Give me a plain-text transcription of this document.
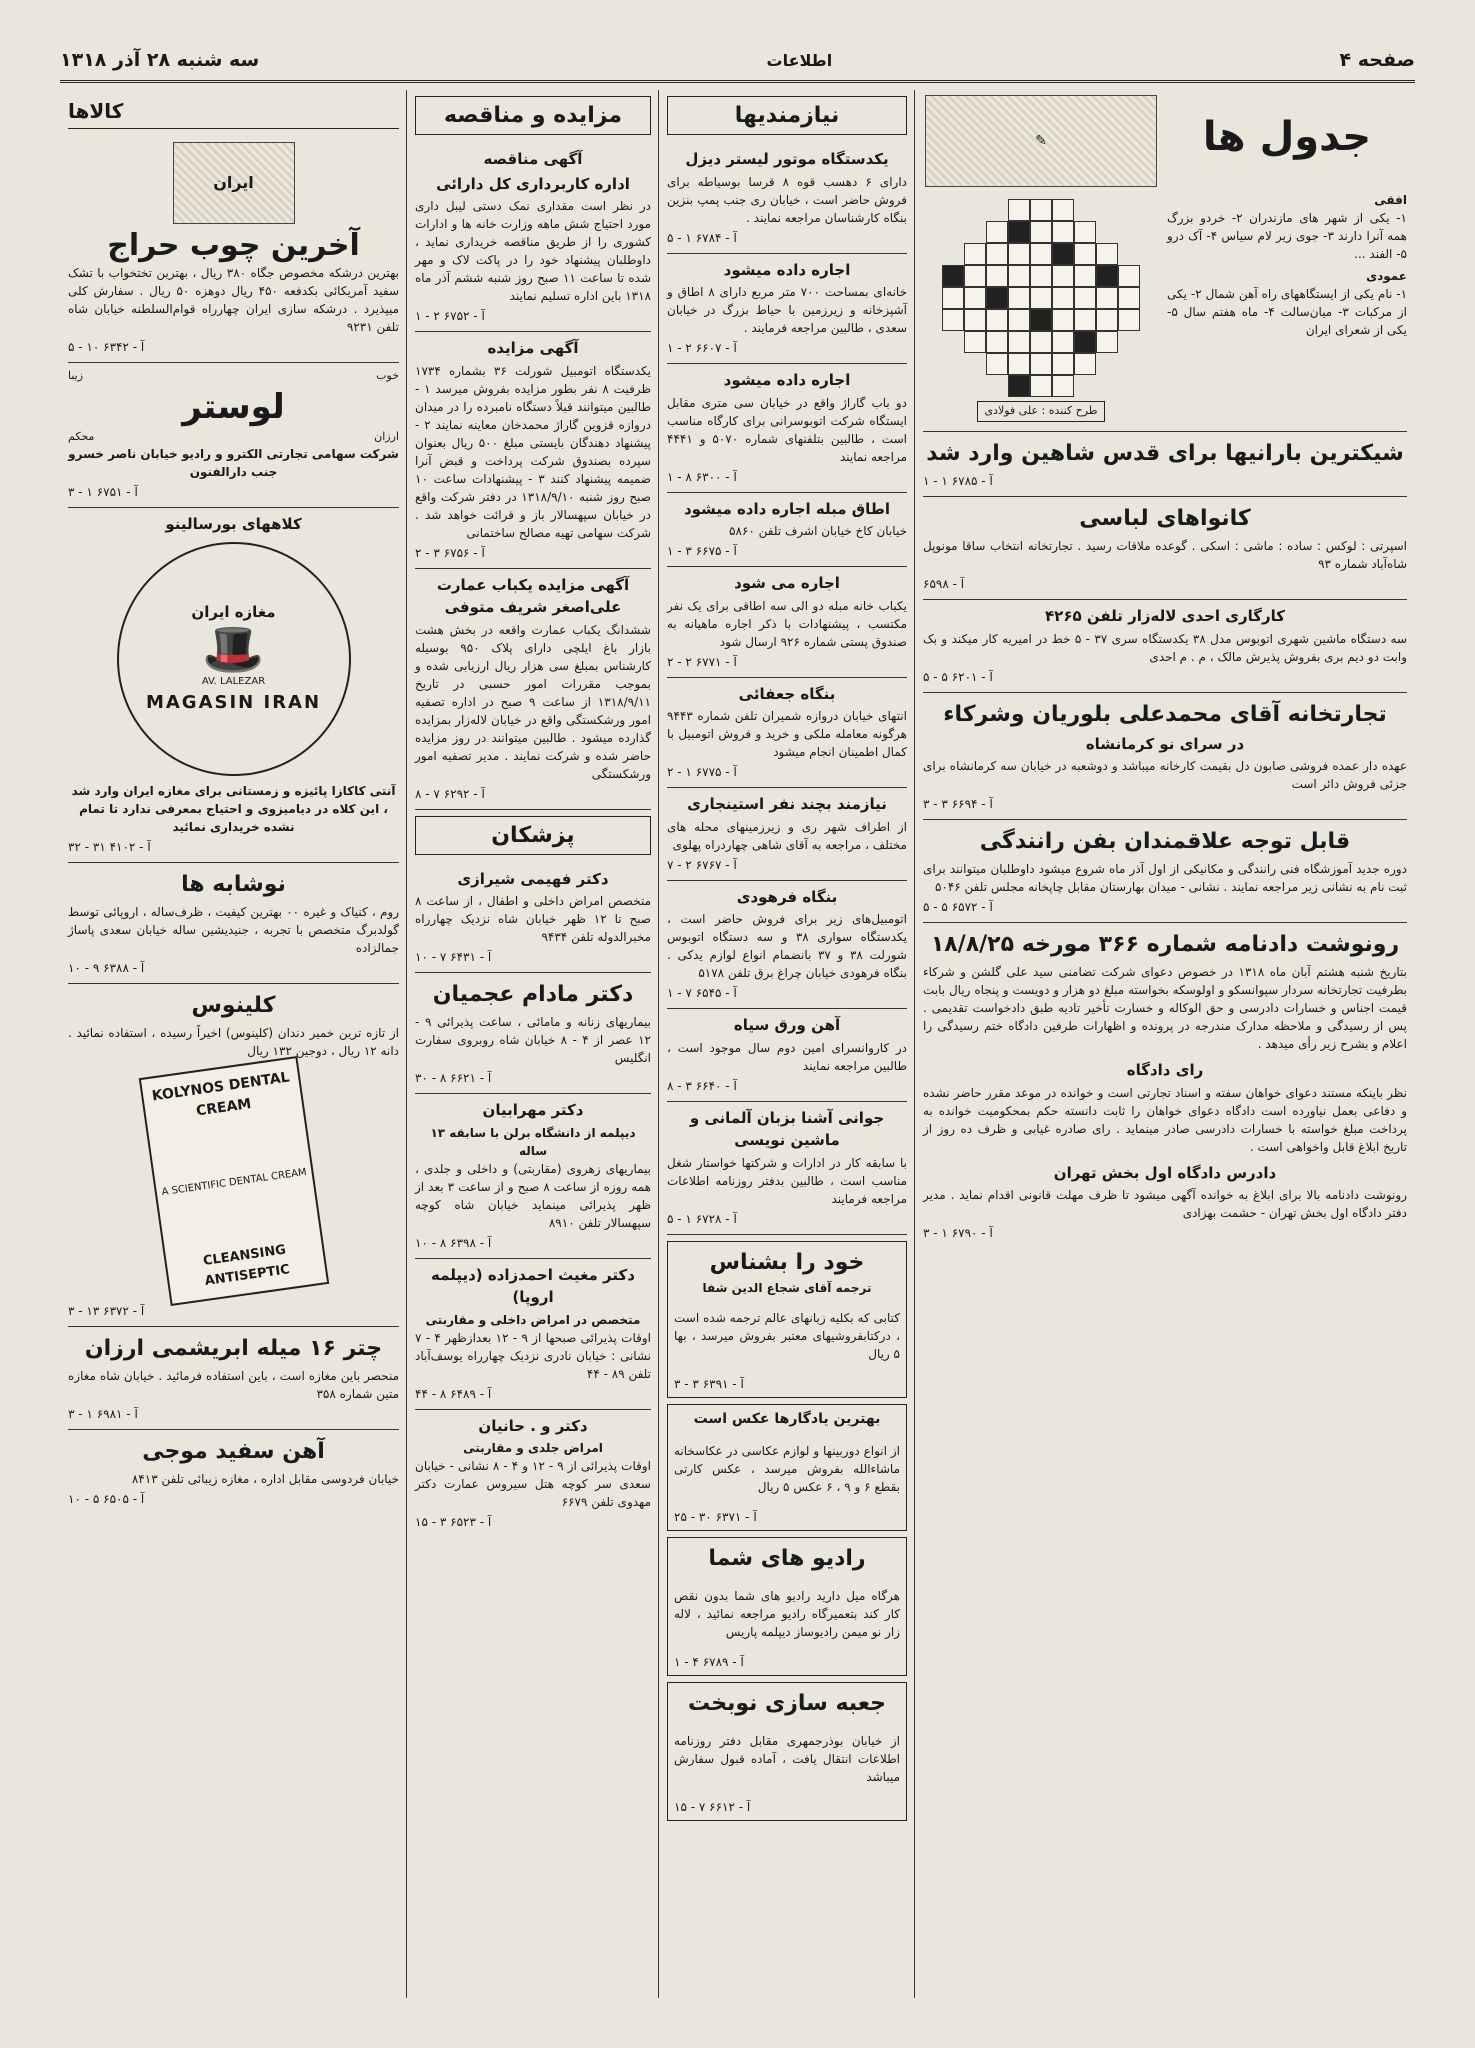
صفحه ۴
اطلاعات
سه شنبه ۲۸ آذر ۱۳۱۸
جدول ها
افقی

۱- یکی از شهر های مازندران ۲- خردو بزرگ همه آنرا دارند ۳- جوی زیر لام سیاس ۴- آک درو ۵- الفند ...

عمودی

۱- نام یکی از ایستگاههای راه آهن شمال ۲- یکی از مرکبات ۳- میان‌سالت ۴- ماه هفتم سال ۵- یکی از شعرای ایران

✎
طرح کننده : علی فولادی
شیکترین بارانیها برای قدس شاهین وارد شد
آ - ۶۷۸۵ ۱ - ۱
کانواهای لباسی

اسپرتی : لوکس : ساده : ماشی : اسکی . گوعده ملاقات رسید . تجارتخانه انتخاب ساقا مونوپل شاه‌آباد شماره ۹۳

آ - ۶۵۹۸
کارگاری احدی لاله‌زار تلفن ۴۲۶۵

سه دستگاه ماشین شهری اتوبوس مدل ۳۸ یکدستگاه سری ۳۷ - ۵ خط در امیریه کار میکند و بک وابت دو دیم بری بفروش پذیرش مالک ، م . م احدی

آ - ۶۲۰۱ ۵ - ۵
تجارتخانه آقای محمدعلی بلوریان وشرکاء
در سرای نو کرمانشاه

عهده دار عمده فروشی صابون دل بقیمت کارخانه میباشد و دوشعبه در خیابان سه کرمانشاه برای جزئی فروش دائر است

آ - ۶۶۹۴ ۳ - ۳
قابل توجه علاقمندان بفن رانندگی

دوره جدید آموزشگاه فنی رانندگی و مکانیکی از اول آذر ماه شروع میشود داوطلبان میتوانند برای ثبت نام به نشانی زیر مراجعه نمایند . نشانی - میدان بهارستان مقابل چاپخانه مجلس تلفن ۵۰۴۶

آ - ۶۵۷۲ ۵ - ۵
رونوشت دادنامه شماره ۳۶۶ مورخه ۱۸/۸/۲۵

بتاریخ شنبه هشتم آبان ماه ۱۳۱۸ در خصوص دعوای شرکت تضامنی سید علی گلشن و شرکاء بطرفیت تجارتخانه سردار سپوانسکو و اولوسکه بخواسته مبلغ دو هزار و دویست و پنجاه ریال بابت قیمت اجناس و خسارات دادرسی و حق الوکاله و خسارت تأخیر تادیه طبق دادخواست تقدیمی . پس از رسیدگی و ملاحظه مدارک مندرجه در پرونده و اظهارات طرفین دادگاه ختم رسیدگی را اعلام و بشرح زیر رأی میدهد .

رای دادگاه

نظر باینکه مستند دعوای خواهان سفته و اسناد تجارتی است و خوانده در موعد مقرر حاضر نشده و دفاعی بعمل نیاورده است دادگاه دعوای خواهان را ثابت دانسته حکم بمحکومیت خوانده به پرداخت مبلغ خواسته با خسارات دادرسی صادر مینماید . رای صادره غیابی و ظرف ده روز از تاریخ ابلاغ قابل واخواهی است .

دادرس دادگاه اول بخش تهران

رونوشت دادنامه بالا برای ابلاغ به خوانده آگهی میشود تا ظرف مهلت قانونی اقدام نماید . مدیر دفتر دادگاه اول بخش تهران - حشمت بهزادی

آ - ۶۷۹۰ ۱ - ۳
نیازمندیها
یکدستگاه موتور لیستر دیزل

دارای ۶ دهسب قوه ۸ قرسا بوسیاطه برای فروش حاضر است ، خیابان ری جنب پمپ بنزین بنگاه کارشناسان مراجعه نمایند .

آ - ۶۷۸۴ ۱ - ۵
اجاره داده میشود

خانه‌ای بمساحت ۷۰۰ متر مربع دارای ۸ اطاق و آشپزخانه و زیرزمین با حیاط بزرگ در خیابان سعدی ، طالبین مراجعه فرمایند .

آ - ۶۶۰۷ ۲ - ۱
اجاره داده میشود

دو باب گاراژ واقع در خیابان سی متری مقابل ایستگاه شرکت اتوبوسرانی برای کارگاه مناسب است ، طالبین بتلفنهای شماره ۵۰۷۰ و ۴۴۴۱ مراجعه نمایند

آ - ۶۳۰۰ ۸ - ۱
اطاق مبله اجاره داده میشود

خیابان کاخ خیابان اشرف تلفن ۵۸۶۰

آ - ۶۶۷۵ ۳ - ۱
اجاره می شود

یکباب خانه مبله دو الی سه اطاقی برای یک نفر مکتسب ، پیشنهادات با ذکر اجاره ماهیانه به صندوق پستی شماره ۹۲۶ ارسال شود

آ - ۶۷۷۱ ۲ - ۲
بنگاه جعفائی

انتهای خیابان دروازه شمیران تلفن شماره ۹۴۴۳ هرگونه معامله ملکی و خرید و فروش اتومبیل با کمال اطمینان انجام میشود

آ - ۶۷۷۵ ۱ - ۲
نیازمند بچند نفر استینجاری

از اطراف شهر ری و زیرزمینهای محله های مختلف ، مراجعه به آقای شاهی چهاردراه پهلوی

آ - ۶۷۶۷ ۲ - ۷
بنگاه فرهودی

اتومبیل‌های زیر برای فروش حاضر است ، یکدستگاه سواری ۳۸ و سه دستگاه اتوبوس شورلت ۳۸ و ۳۷ بانضمام انواع لوازم یدکی . بنگاه فرهودی خیابان چراغ برق تلفن ۵۱۷۸

آ - ۶۵۴۵ ۷ - ۱
آهن ورق سیاه

در کاروانسرای امین دوم سال موجود است ، طالبین مراجعه نمایند

آ - ۶۶۴۰ ۳ - ۸
جوانی آشنا بزبان آلمانی و ماشین نویسی

با سابقه کار در ادارات و شرکتها خواستار شغل مناسب است ، طالبین بدفتر روزنامه اطلاعات مراجعه فرمایند

آ - ۶۷۲۸ ۱ - ۵
خود را بشناس
ترجمه آقای شجاع الدین شفا

کتابی که بکلیه زبانهای عالم ترجمه شده است ، درکتابفروشیهای معتبر بفروش میرسد ، بها ۵ ریال

آ - ۶۳۹۱ ۳ - ۳
بهترین یادگارها عکس است

از انواع دوربینها و لوازم عکاسی در عکاسخانه ماشاءالله بفروش میرسد ، عکس کارتی بقطع ۶ و ۹ ، ۶ عکس ۵ ریال

آ - ۶۳۷۱ ۳۰ - ۲۵
رادیو های شما

هرگاه میل دارید رادیو های شما بدون نقص کار کند بتعمیرگاه رادیو مراجعه نمائید ، لاله زار نو میمن رادیوساز دیپلمه پاریس

آ - ۶۷۸۹ ۴ - ۱
جعبه سازی نوبخت

از خیابان بوذرجمهری مقابل دفتر روزنامه اطلاعات انتقال یافت ، آماده قبول سفارش میباشد

آ - ۶۶۱۲ ۷ - ۱۵
مزایده و مناقصه
آگهی مناقصه
اداره کاربرداری کل دارائی

در نظر است مقداری نمک دستی لیبل داری مورد احتیاج شش ماهه وزارت خانه ها و ادارات کشوری را از طریق مناقصه خریداری نماید ، داوطلبان پیشنهاد خود را در پاکت لاک و مهر شده تا ساعت ۱۱ صبح روز شنبه ششم آذر ماه ۱۳۱۸ باین اداره تسلیم نمایند

آ - ۶۷۵۲ ۲ - ۱
آگهی مزایده

یکدستگاه اتومبیل شورلت ۳۶ بشماره ۱۷۳۴ ظرفیت ۸ نفر بطور مزایده بفروش میرسد ۱ - طالبین میتوانند قبلاً دستگاه نامبرده را در میدان دروازه قزوین گاراژ محمدخان معاینه نمایند ۲ - پیشنهاد دهندگان بایستی مبلغ ۵۰۰ ریال بعنوان سپرده بصندوق شرکت پرداخت و قبض آنرا ضمیمه پیشنهاد کنند ۳ - پیشنهادات ساعت ۱۰ صبح روز شنبه ۱۳۱۸/۹/۱۰ در دفتر شرکت واقع در خیابان سپهسالار باز و قرائت خواهد شد . شرکت سهامی تهیه مصالح ساختمانی

آ - ۶۷۵۶ ۳ - ۲
آگهی مزایده یکباب عمارت علی‌اصغر شریف متوفی

ششدانگ یکباب عمارت واقعه در بخش هشت بازار باغ ایلچی دارای پلاک ۹۵۰ بوسیله کارشناس بمبلغ سی هزار ریال ارزیابی شده و بموجب مقررات امور حسبی در تاریخ ۱۳۱۸/۹/۱۱ از ساعت ۹ صبح در اداره تصفیه امور ورشکستگی واقع در خیابان لاله‌زار بمزایده گذارده میشود . طالبین میتوانند در روز مزایده حاضر شده و شرکت نمایند . مدیر تصفیه امور ورشکستگی

آ - ۶۲۹۲ ۷ - ۸
پزشکان
دکتر فهیمی شیرازی

متخصص امراض داخلی و اطفال ، از ساعت ۸ صبح تا ۱۲ ظهر خیابان شاه نزدیک چهارراه مخبرالدوله تلفن ۹۴۳۴

آ - ۶۴۳۱ ۷ - ۱۰
دکتر مادام عجمیان

بیماریهای زنانه و مامائی ، ساعت پذیرائی ۹ - ۱۲ عصر از ۴ - ۸ خیابان شاه روبروی سفارت انگلیس

آ - ۶۶۲۱ ۸ - ۳۰
دکتر مهرابیان
دیپلمه از دانشگاه برلن با سابقه ۱۳ ساله

بیماریهای زهروی (مقاربتی) و داخلی و جلدی ، همه روزه از ساعت ۸ صبح و از ساعت ۳ بعد از ظهر پذیرائی مینماید خیابان شاه کوچه سپهسالار تلفن ۸۹۱۰

آ - ۶۳۹۸ ۸ - ۱۰
دکتر مغیث احمدزاده (دیپلمه اروپا)
متخصص در امراض داخلی و مقاربتی

اوقات پذیرائی صبحها از ۹ - ۱۲ بعدازظهر ۴ - ۷ نشانی : خیابان نادری نزدیک چهارراه یوسف‌آباد تلفن ۸۹ - ۴۴

آ - ۶۴۸۹ ۸ - ۴۴
دکتر و . حانیان
امراض جلدی و مقاربتی

اوقات پذیرائی از ۹ - ۱۲ و ۴ - ۸ نشانی - خیابان سعدی سر کوچه هتل سیروس عمارت دکتر مهدوی تلفن ۶۶۷۹

آ - ۶۵۲۳ ۳ - ۱۵
کالاها
ایران
آخرین چوب حراج

بهترین درشکه مخصوص جگاه ۳۸۰ ریال ، بهترین تختخواب با تشک سفید آمریکائی بکدفعه ۴۵۰ ریال دوهزه ۵۰ ریال . سفارش کلی میپذیرد . درشکه سازی ایران چهارراه قوام‌السلطنه خیابان شاه تلفن ۹۲۳۱

آ - ۶۳۴۲ ۱۰ - ۵
خوب
زیبا
لوستر
ارزان
محکم

شرکت سهامی تجارتی الکترو و رادیو خیابان ناصر خسرو جنب دارالفنون

آ - ۶۷۵۱ ۱ - ۳
کلاههای بورسالینو
مغازه ایران
🎩
AV. LALEZAR
MAGASIN IRAN

آنتی کاکازا پائیزه و زمستانی برای مغازه ایران وارد شد ، این کلاه در دیامیزوی و احتیاج بمعرفی ندارد تا تمام نشده خریداری نمائید

آ - ۴۱۰۲ ۳۱ - ۳۲
نوشابه ها

روم ، کنیاک و غیره ۰۰ بهترین کیفیت ، ظرف‌ساله ، اروپائی توسط گولدبرگ متخصص با تجربه ، جنیدیشین ساله خیابان سعدی پاساژ جمالزاده

آ - ۶۳۸۸ ۹ - ۱۰
کلینوس

از تازه ترین خمیر دندان (کلینوس) اخیراً رسیده ، استفاده نمائید . دانه ۱۲ ریال ، دوجین ۱۳۲ ریال

KOLYNOS DENTAL CREAM
A SCIENTIFIC DENTAL CREAM
CLEANSING ANTISEPTIC
آ - ۶۳۷۲ ۱۳ - ۳
چتر ۱۶ میله ابریشمی ارزان

منحصر باین مغازه است ، باین استفاده فرمائید . خیابان شاه مغازه متین شماره ۳۵۸

آ - ۶۹۸۱ ۱ - ۳
آهن سفید موجی

خیابان فردوسی مقابل اداره ، مغازه زیبائی تلفن ۸۴۱۳

آ - ۶۵۰۵ ۵ - ۱۰
